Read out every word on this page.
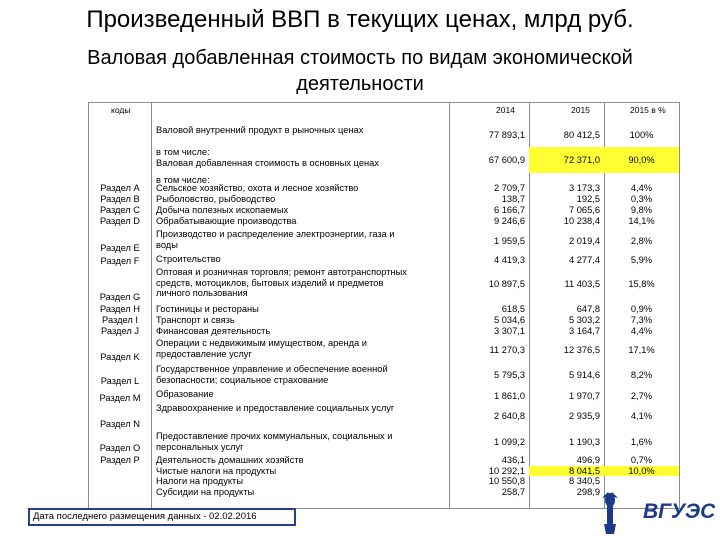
Произведенный ВВП в текущих ценах, млрд руб.
Валовая добавленная стоимость по видам экономической
деятельности
коды	2014	2015	2015 в %
Валовой внутренний продукт в рыночных ценах	77 893,1	80 412,5	100%
в том числе:
Валовая добавленная стоимость в основных ценах	67 600,9	72 371,0	90,0%
в том числе:
Раздел A Сельское хозяйство, охота и лесное хозяйство	2 709,7	3 173,3	4,4%
Раздел B Рыболовство, рыбоводство	138,7	192,5	0,3%
Раздел C Добыча полезных ископаемых	6 166,7	7 065,6	9,8%
Раздел D Обрабатывающие производства	9 246,6	10 238,4	14,1%
Раздел E
Производство и распределение электроэнергии, газа и
воды	1 959,5	2 019,4	2,8%
Раздел F Строительство	4 419,3	4 277,4	5,9%
Раздел G
Оптовая и розничная торговля; ремонт автотранспортных
средств, мотоциклов, бытовых изделий и предметов
личного пользования
10 897,5	11 403,5	15,8%
Раздел H Гостиницы и рестораны	618,5	647,8	0,9%
Раздел I Транспорт и связь	5 034,6	5 303,2	7,3%
Раздел J Финансовая деятельность	3 307,1	3 164,7	4,4%
Раздел K
Операции с недвижимым имуществом, аренда и
предоставление услуг	11 270,3	12 376,5	17,1%
Раздел L
Государственное управление и обеспечение военной
безопасности; социальное страхование	5 795,3	5 914,6	8,2%
Раздел M Образование	1 861,0	1 970,7	2,7%
Раздел N
Здравоохранение и предоставление социальных услуг
2 640,8	2 935,9	4,1%
Раздел O
Предоставление прочих коммунальных, социальных и
персональных услуг	1 099,2	1 190,3	1,6%
Раздел P Деятельность домашних хозяйств	436,1	496,9	0,7%
Чистые налоги на продукты	10 292,1	8 041,5	10,0%
Налоги на продукты	10 550,8	8 340,5
Субсидии на продукты	258,7	298,9
Дата последнего размещения данных - 02.02.2016	ВГУЭС
